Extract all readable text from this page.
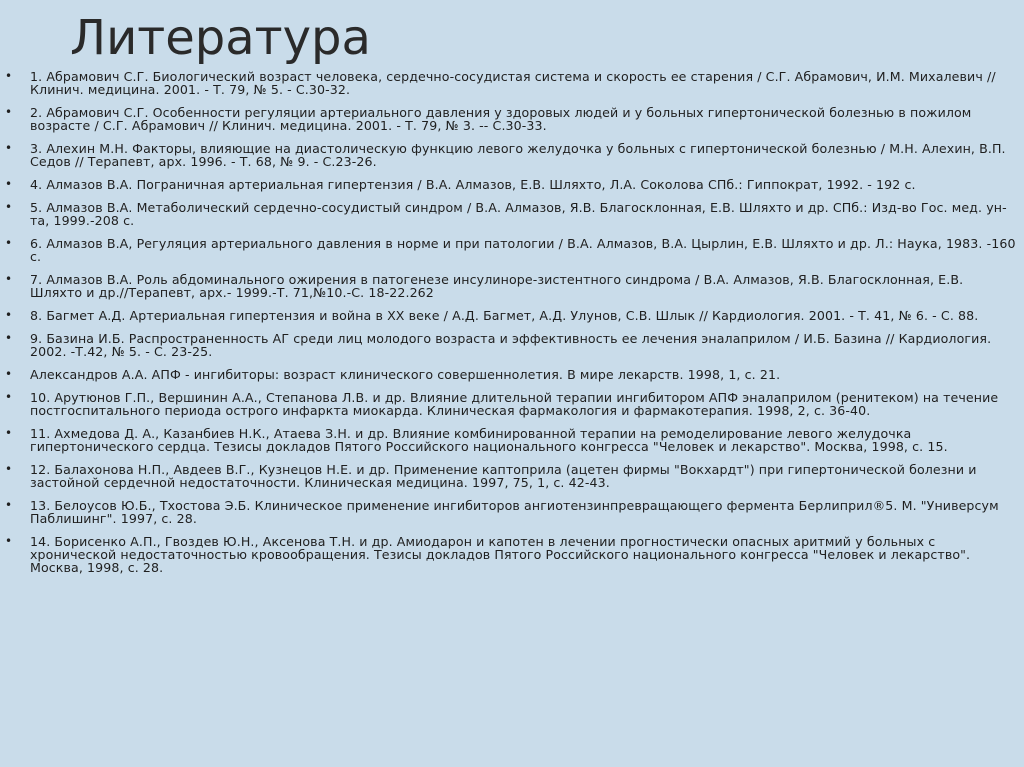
Литература
• 1. Абрамович С.Г. Биологический возраст человека, сердечно-сосудистая система и скорость ее старения / С.Г. Абрамович, И.М. Михалевич // Клинич. медицина. 2001. - Т. 79, № 5. - С.30-32.
• 2. Абрамович С.Г. Особенности регуляции артериального давления у здоровых людей и у больных гипертонической болезнью в пожилом возрасте / С.Г. Абрамович // Клинич. медицина. 2001. - Т. 79, № 3. -- С.30-33.
• 3. Алехин М.Н. Факторы, влияющие на диастолическую функцию левого желудочка у больных с гипертонической болезнью / М.Н. Алехин, В.П. Седов // Терапевт, арх. 1996. - Т. 68, № 9. - С.23-26.
• 4. Алмазов В.А. Пограничная артериальная гипертензия / В.А. Алмазов, Е.В. Шляхто, Л.А. Соколова СПб.: Гиппократ, 1992. - 192 с.
• 5. Алмазов В.А. Метаболический сердечно-сосудистый синдром / В.А. Алмазов, Я.В. Благосклонная, Е.В. Шляхто и др. СПб.: Изд-во Гос. мед. ун-та, 1999.-208 с.
• 6. Алмазов В.А, Регуляция артериального давления в норме и при патологии / В.А. Алмазов, В.А. Цырлин, Е.В. Шляхто и др. Л.: Наука, 1983. -160 с.
• 7. Алмазов В.А. Роль абдоминального ожирения в патогенезе инсулиноре-зистентного синдрома / В.А. Алмазов, Я.В. Благосклонная, Е.В. Шляхто и др.//Терапевт, арх.- 1999.-Т. 71,№10.-С. 18-22.262
• 8. Багмет А.Д. Артериальная гипертензия и война в XX веке / А.Д. Багмет, А.Д. Улунов, С.В. Шлык // Кардиология. 2001. - Т. 41, № 6. - С. 88.
• 9. Базина И.Б. Распространенность АГ среди лиц молодого возраста и эффективность ее лечения эналаприлом / И.Б. Базина // Кардиология. 2002. -Т.42, № 5. - С. 23-25.
• Александров А.А. АПФ - ингибиторы: возраст клинического совершеннолетия. В мире лекарств. 1998, 1, с. 21.
• 10. Арутюнов Г.П., Вершинин А.А., Степанова Л.В. и др. Влияние длительной терапии ингибитором АПФ эналаприлом (ренитеком) на течение постгоспитального периода острого инфаркта миокарда. Клиническая фармакология и фармакотерапия. 1998, 2, с. 36-40.
• 11. Ахмедова Д. А., Казанбиев Н.К., Атаева З.Н. и др. Влияние комбинированной терапии на ремоделирование левого желудочка гипертонического сердца. Тезисы докладов Пятого Российского национального конгресса "Человек и лекарство". Москва, 1998, с. 15.
• 12. Балахонова Н.П., Авдеев В.Г., Кузнецов Н.Е. и др. Применение каптоприла (ацетен фирмы "Вокхардт") при гипертонической болезни и застойной сердечной недостаточности. Клиническая медицина. 1997, 75, 1, с. 42-43.
• 13. Белоусов Ю.Б., Тхостова Э.Б. Клиническое применение ингибиторов ангиотензинпревращающего фермента Берлиприл®5. М. "Универсум Паблишинг". 1997, с. 28.
• 14. Борисенко А.П., Гвоздев Ю.Н., Аксенова Т.Н. и др. Амиодарон и капотен в лечении прогностически опасных аритмий у больных с хронической недостаточностью кровообращения. Тезисы докладов Пятого Российского национального конгресса "Человек и лекарство". Москва, 1998, с. 28.
